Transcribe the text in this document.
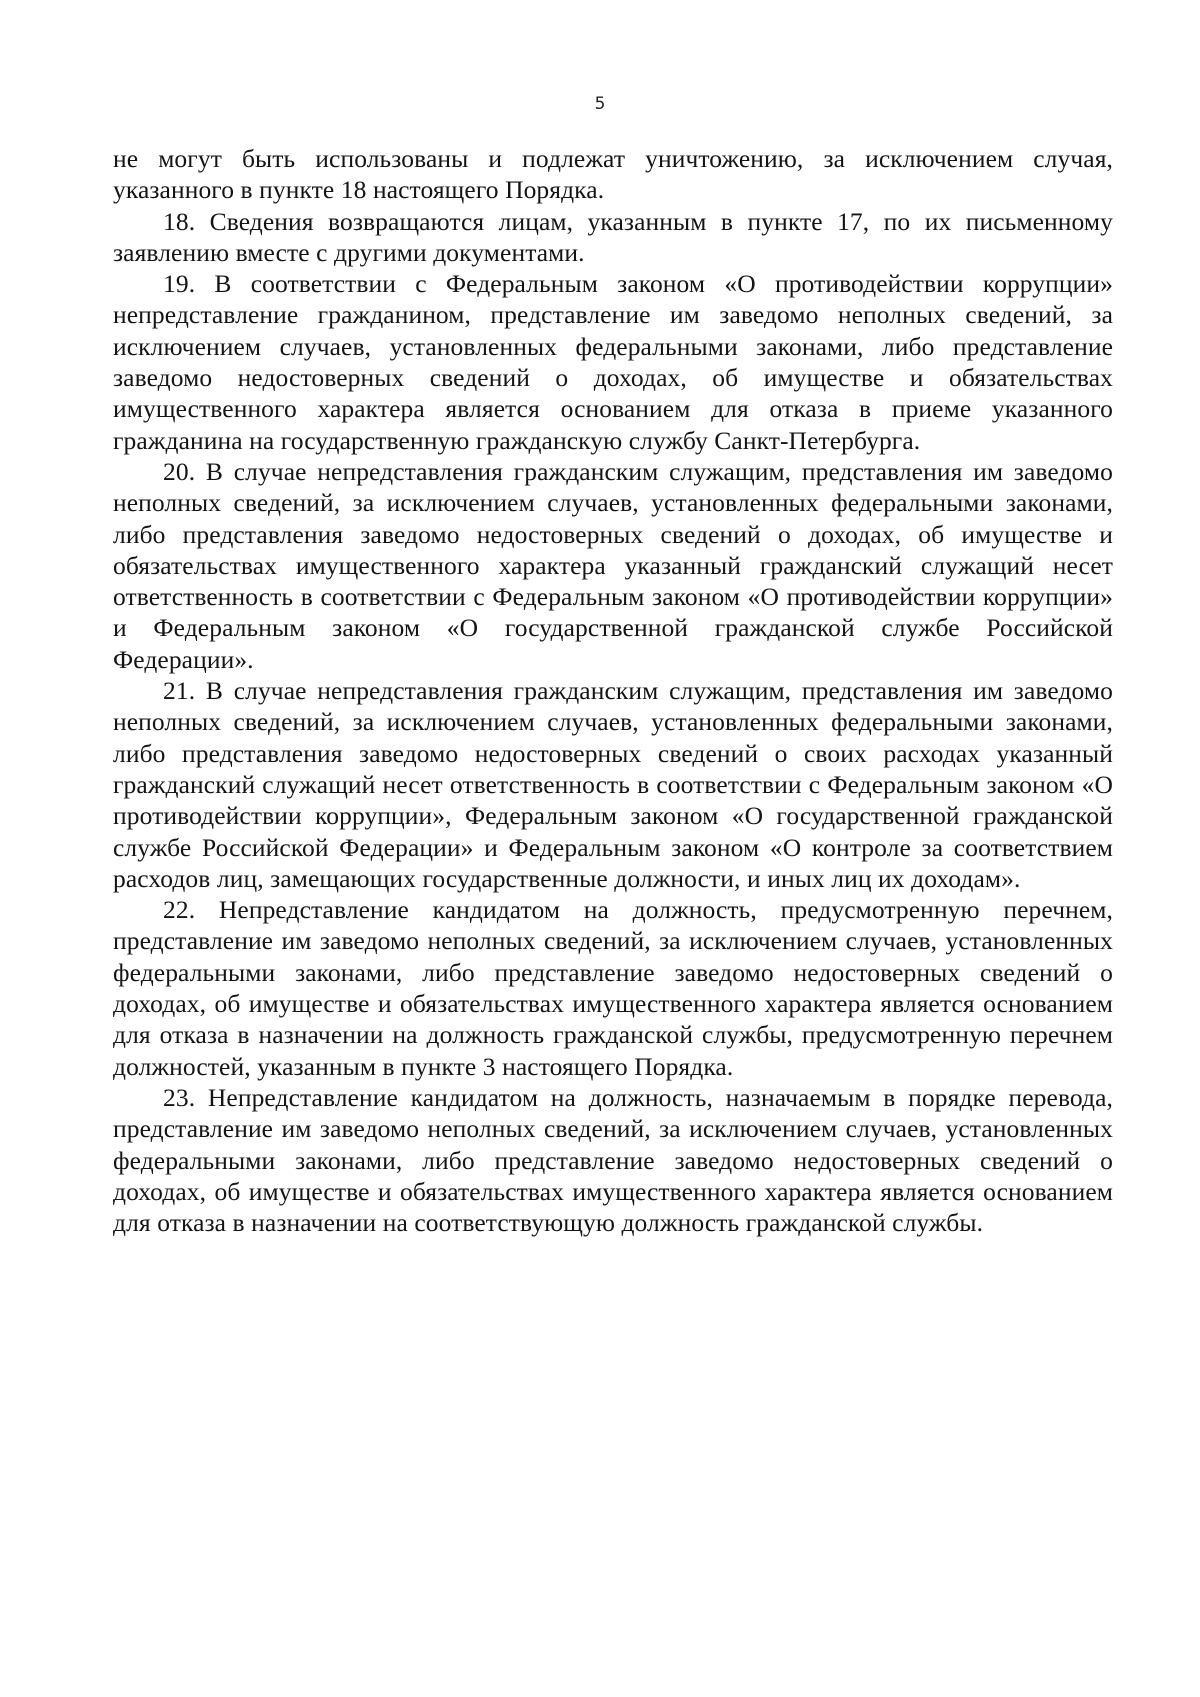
5

не могут быть использованы и подлежат уничтожению, за исключением случая, указанного в пункте 18 настоящего Порядка.

18. Сведения возвращаются лицам, указанным в пункте 17, по их письменному заявлению вместе с другими документами.

19. В соответствии с Федеральным законом «О противодействии коррупции» непредставление гражданином, представление им заведомо неполных сведений, за исключением случаев, установленных федеральными законами, либо представление заведомо недостоверных сведений о доходах, об имуществе и обязательствах имущественного характера является основанием для отказа в приеме указанного гражданина на государственную гражданскую службу Санкт-Петербурга.

20. В случае непредставления гражданским служащим, представления им заведомо неполных сведений, за исключением случаев, установленных федеральными законами, либо представления заведомо недостоверных сведений о доходах, об имуществе и обязательствах имущественного характера указанный гражданский служащий несет ответственность в соответствии с Федеральным законом «О противодействии коррупции» и Федеральным законом «О государственной гражданской службе Российской Федерации».

21. В случае непредставления гражданским служащим, представления им заведомо неполных сведений, за исключением случаев, установленных федеральными законами, либо представления заведомо недостоверных сведений о своих расходах указанный гражданский служащий несет ответственность в соответствии с Федеральным законом «О противодействии коррупции», Федеральным законом «О государственной гражданской службе Российской Федерации» и Федеральным законом «О контроле за соответствием расходов лиц, замещающих государственные должности, и иных лиц их доходам».

22. Непредставление кандидатом на должность, предусмотренную перечнем, представление им заведомо неполных сведений, за исключением случаев, установленных федеральными законами, либо представление заведомо недостоверных сведений о доходах, об имуществе и обязательствах имущественного характера является основанием для отказа в назначении на должность гражданской службы, предусмотренную перечнем должностей, указанным в пункте 3 настоящего Порядка.

23. Непредставление кандидатом на должность, назначаемым в порядке перевода, представление им заведомо неполных сведений, за исключением случаев, установленных федеральными законами, либо представление заведомо недостоверных сведений о доходах, об имуществе и обязательствах имущественного характера является основанием для отказа в назначении на соответствующую должность гражданской службы.
